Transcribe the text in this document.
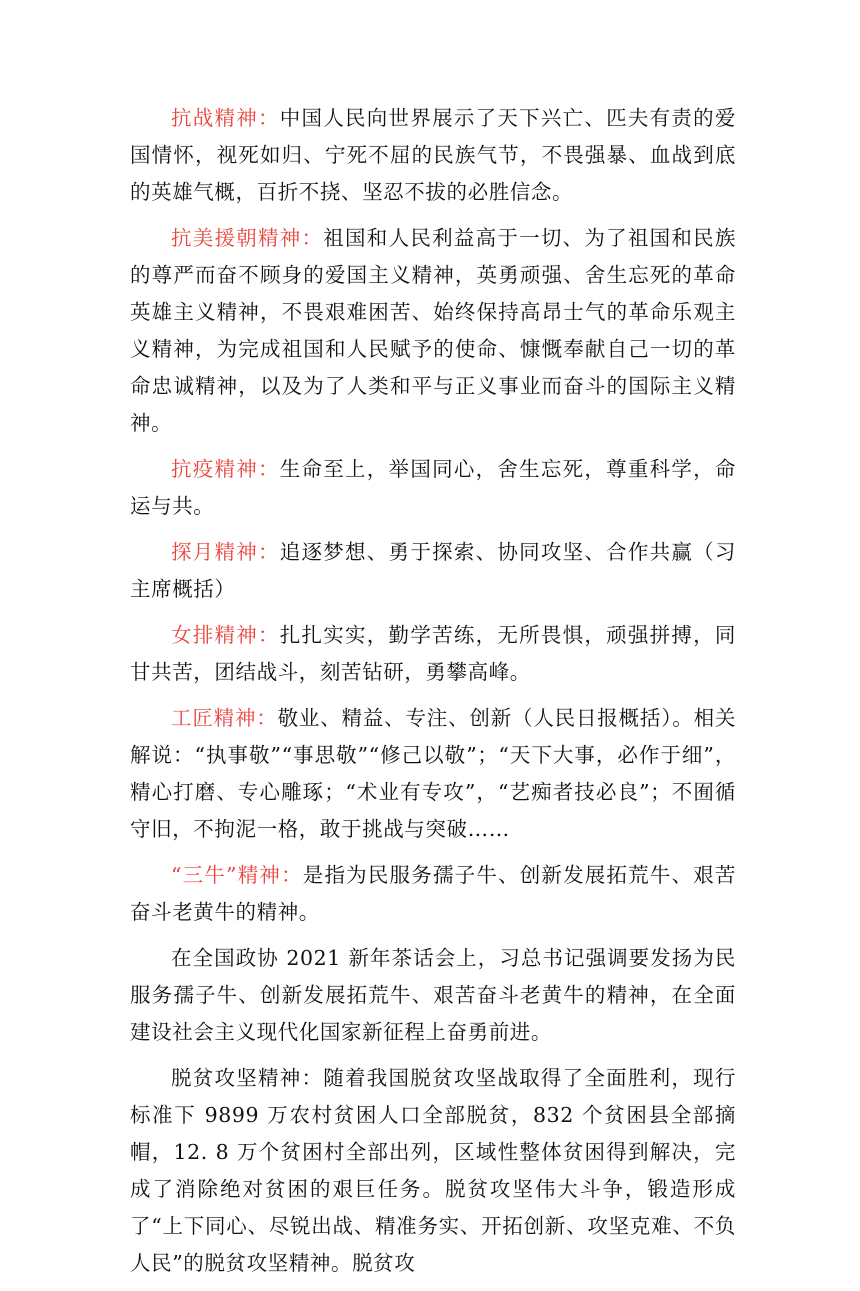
抗战精神：中国人民向世界展示了天下兴亡、匹夫有责的爱国情怀，视死如归、宁死不屈的民族气节，不畏强暴、血战到底的英雄气概，百折不挠、坚忍不拔的必胜信念。

抗美援朝精神：祖国和人民利益高于一切、为了祖国和民族的尊严而奋不顾身的爱国主义精神，英勇顽强、舍生忘死的革命英雄主义精神，不畏艰难困苦、始终保持高昂士气的革命乐观主义精神，为完成祖国和人民赋予的使命、慷慨奉献自己一切的革命忠诚精神，以及为了人类和平与正义事业而奋斗的国际主义精神。

抗疫精神：生命至上，举国同心，舍生忘死，尊重科学，命运与共。

探月精神：追逐梦想、勇于探索、协同攻坚、合作共赢（习主席概括）

女排精神：扎扎实实，勤学苦练，无所畏惧，顽强拼搏，同甘共苦，团结战斗，刻苦钻研，勇攀高峰。

工匠精神：敬业、精益、专注、创新（人民日报概括）。相关解说：“执事敬”“事思敬”“修己以敬”；“天下大事，必作于细”，精心打磨、专心雕琢；“术业有专攻”，“艺痴者技必良”；不囿循守旧，不拘泥一格，敢于挑战与突破……

“三牛”精神：是指为民服务孺子牛、创新发展拓荒牛、艰苦奋斗老黄牛的精神。

在全国政协 2021 新年茶话会上，习总书记强调要发扬为民服务孺子牛、创新发展拓荒牛、艰苦奋斗老黄牛的精神，在全面建设社会主义现代化国家新征程上奋勇前进。

脱贫攻坚精神：随着我国脱贫攻坚战取得了全面胜利，现行标准下 9899 万农村贫困人口全部脱贫，832 个贫困县全部摘帽，12. 8 万个贫困村全部出列，区域性整体贫困得到解决，完成了消除绝对贫困的艰巨任务。脱贫攻坚伟大斗争，锻造形成了“上下同心、尽锐出战、精准务实、开拓创新、攻坚克难、不负人民”的脱贫攻坚精神。脱贫攻
